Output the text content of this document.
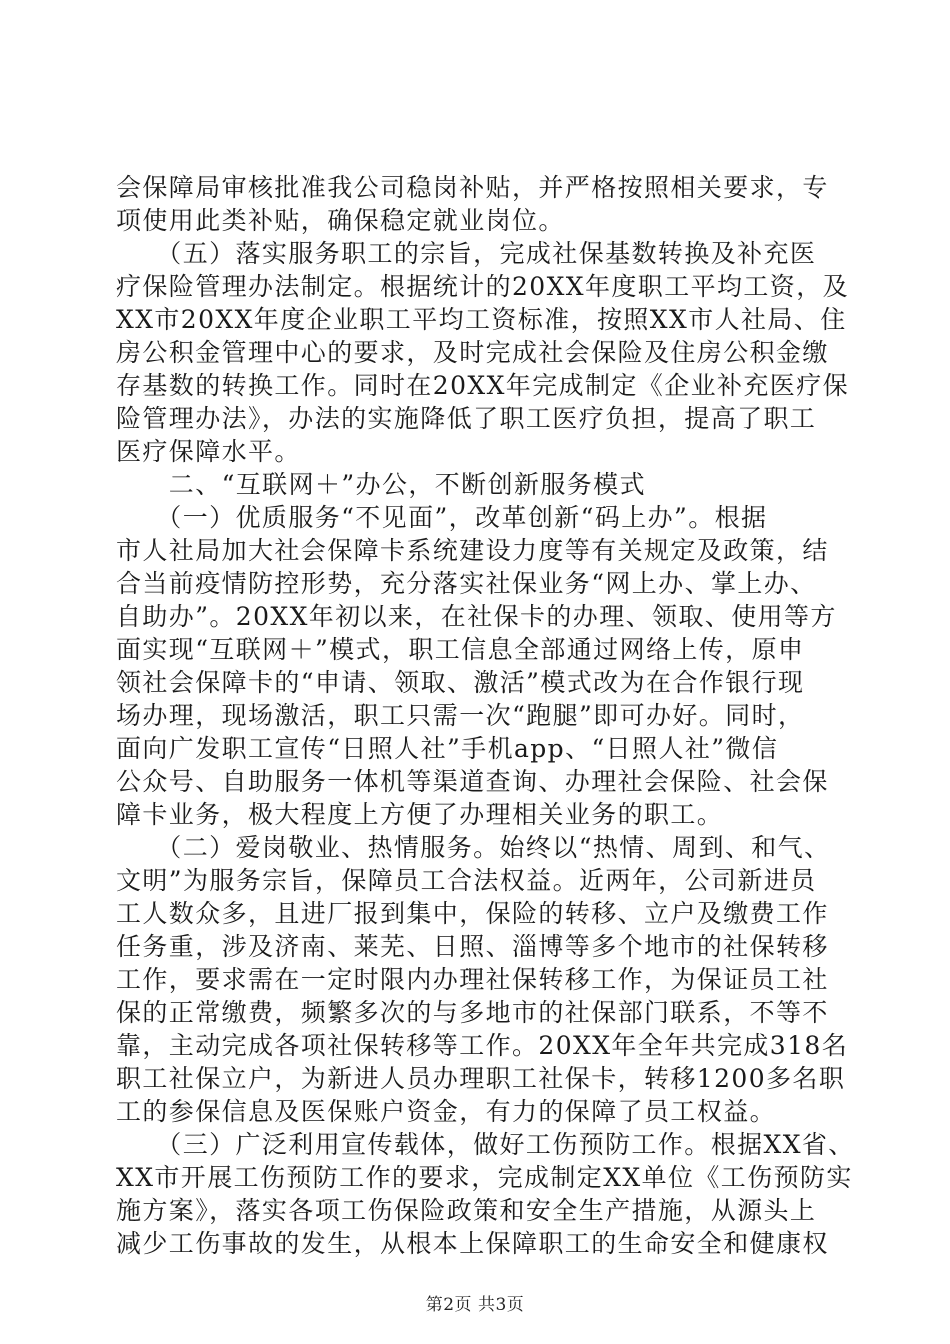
会保障局审核批准我公司稳岗补贴，并严格按照相关要求，专
项使用此类补贴，确保稳定就业岗位。
　　（五）落实服务职工的宗旨，完成社保基数转换及补充医
疗保险管理办法制定。根据统计的20XX年度职工平均工资，及
XX市20XX年度企业职工平均工资标准，按照XX市人社局、住
房公积金管理中心的要求，及时完成社会保险及住房公积金缴
存基数的转换工作。同时在20XX年完成制定《企业补充医疗保
险管理办法》，办法的实施降低了职工医疗负担，提高了职工
医疗保障水平。
　　二、“互联网＋”办公，不断创新服务模式
　　（一）优质服务“不见面”，改革创新“码上办”。根据
市人社局加大社会保障卡系统建设力度等有关规定及政策，结
合当前疫情防控形势，充分落实社保业务“网上办、掌上办、
自助办”。20XX年初以来，在社保卡的办理、领取、使用等方
面实现“互联网＋”模式，职工信息全部通过网络上传，原申
领社会保障卡的“申请、领取、激活”模式改为在合作银行现
场办理，现场激活，职工只需一次“跑腿”即可办好。同时，
面向广发职工宣传“日照人社”手机app、“日照人社”微信
公众号、自助服务一体机等渠道查询、办理社会保险、社会保
障卡业务，极大程度上方便了办理相关业务的职工。
　　（二）爱岗敬业、热情服务。始终以“热情、周到、和气、
文明”为服务宗旨，保障员工合法权益。近两年，公司新进员
工人数众多，且进厂报到集中，保险的转移、立户及缴费工作
任务重，涉及济南、莱芜、日照、淄博等多个地市的社保转移
工作，要求需在一定时限内办理社保转移工作，为保证员工社
保的正常缴费，频繁多次的与多地市的社保部门联系，不等不
靠，主动完成各项社保转移等工作。20XX年全年共完成318名
职工社保立户，为新进人员办理职工社保卡，转移1200多名职
工的参保信息及医保账户资金，有力的保障了员工权益。
　　（三）广泛利用宣传载体，做好工伤预防工作。根据XX省、
XX市开展工伤预防工作的要求，完成制定XX单位《工伤预防实
施方案》，落实各项工伤保险政策和安全生产措施，从源头上
减少工伤事故的发生，从根本上保障职工的生命安全和健康权
第2页 共3页
